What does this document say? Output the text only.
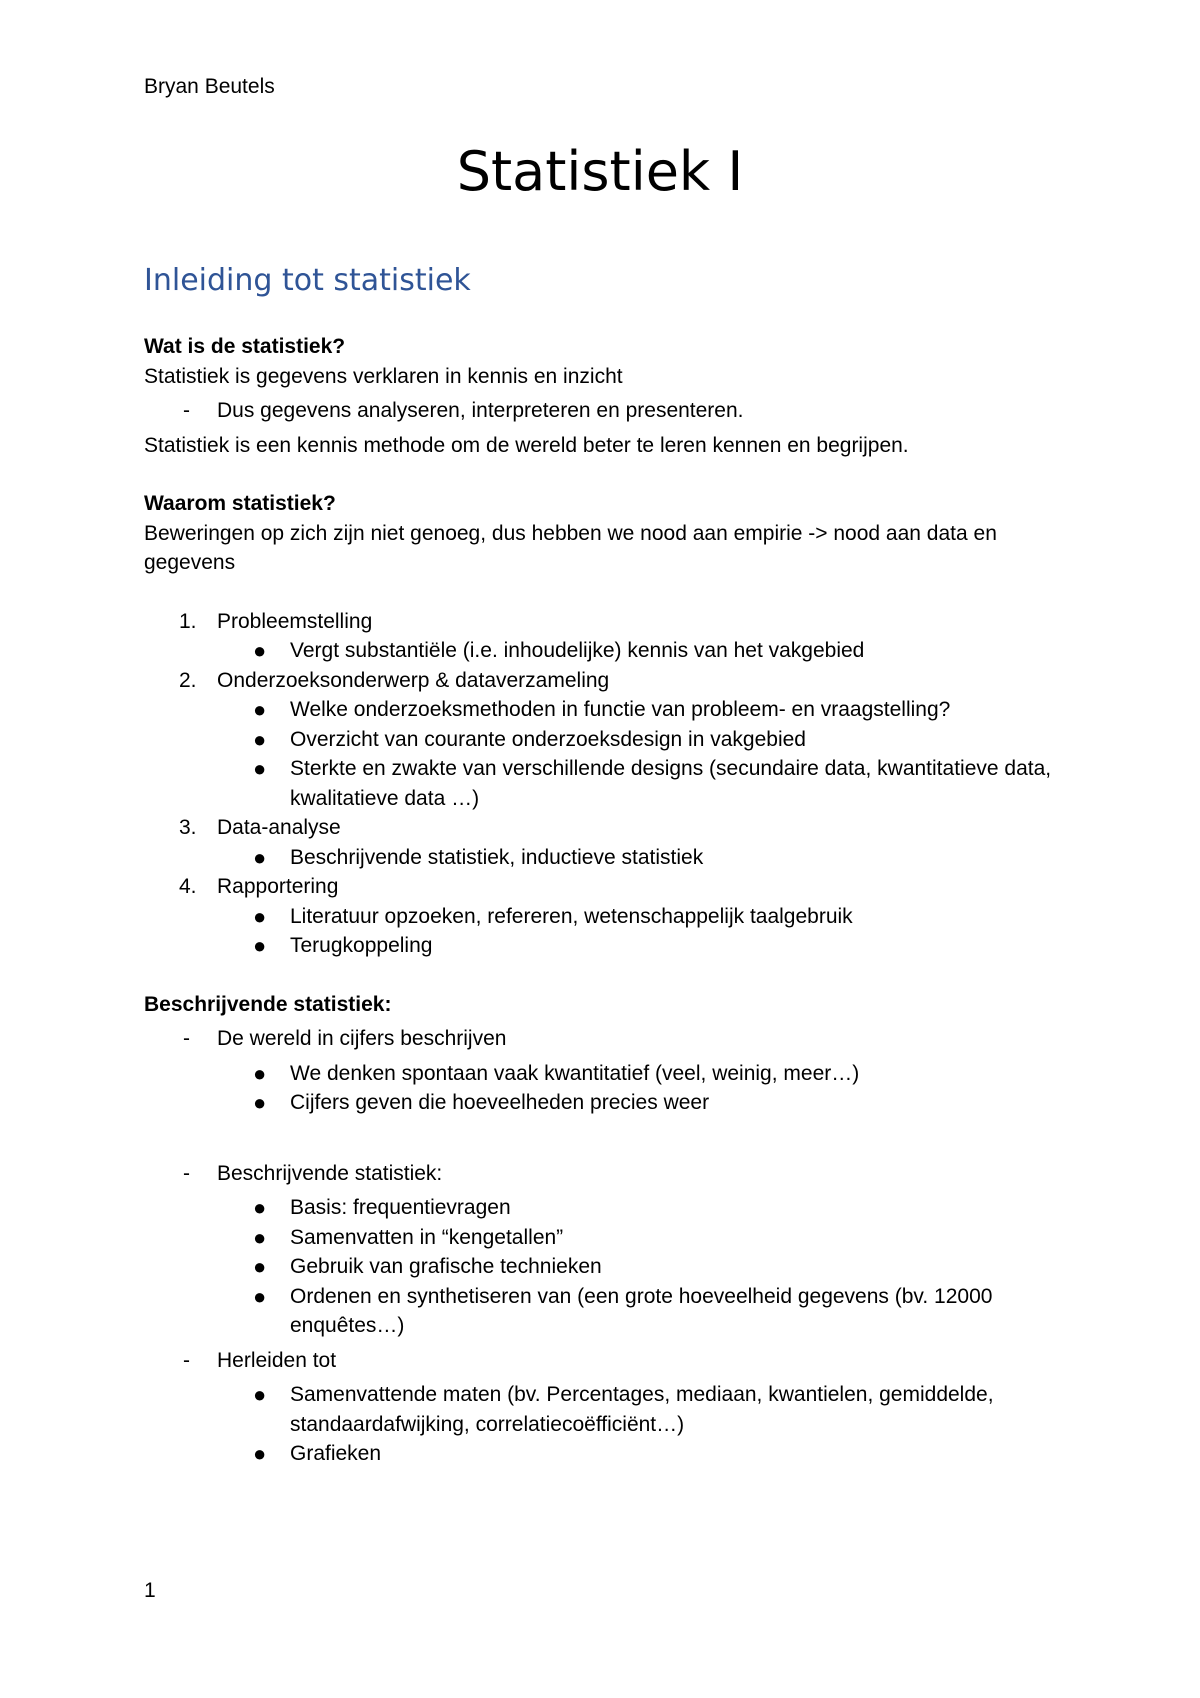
Bryan Beutels
Statistiek I
Inleiding tot statistiek

Wat is de statistiek?

Statistiek is gegevens verklaren in kennis en inzicht

- Dus gegevens analyseren, interpreteren en presenteren.

Statistiek is een kennis methode om de wereld beter te leren kennen en begrijpen.

Waarom statistiek?

Beweringen op zich zijn niet genoeg, dus hebben we nood aan empirie -> nood aan data en gegevens

1. Probleemstelling
● Vergt substantiële (i.e. inhoudelijke) kennis van het vakgebied
2. Onderzoeksonderwerp & dataverzameling
● Welke onderzoeksmethoden in functie van probleem- en vraagstelling?
● Overzicht van courante onderzoeksdesign in vakgebied
● Sterkte en zwakte van verschillende designs (secundaire data, kwantitatieve data, kwalitatieve data …)
3. Data-analyse
● Beschrijvende statistiek, inductieve statistiek
4. Rapportering
● Literatuur opzoeken, refereren, wetenschappelijk taalgebruik
● Terugkoppeling

Beschrijvende statistiek:

- De wereld in cijfers beschrijven
● We denken spontaan vaak kwantitatief (veel, weinig, meer…)
● Cijfers geven die hoeveelheden precies weer
- Beschrijvende statistiek:
● Basis: frequentievragen
● Samenvatten in “kengetallen”
● Gebruik van grafische technieken
● Ordenen en synthetiseren van (een grote hoeveelheid gegevens (bv. 12000 enquêtes…)
- Herleiden tot
● Samenvattende maten (bv. Percentages, mediaan, kwantielen, gemiddelde, standaardafwijking, correlatiecoëfficiënt…)
● Grafieken
1
